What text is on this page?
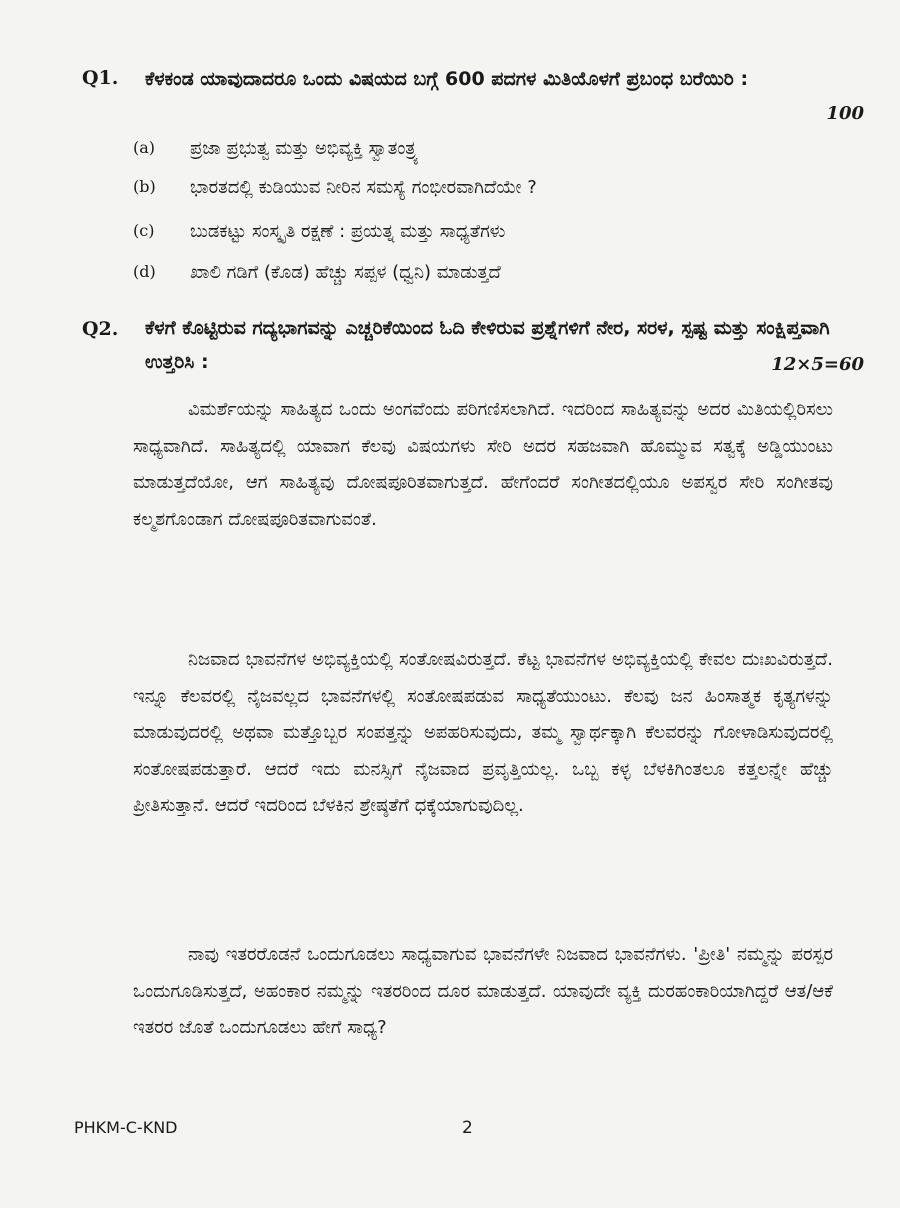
Q1. ಕೆಳಕಂಡ ಯಾವುದಾದರೂ ಒಂದು ವಿಷಯದ ಬಗ್ಗೆ 600 ಪದಗಳ ಮಿತಿಯೊಳಗೆ ಪ್ರಬಂಧ ಬರೆಯಿರಿ :
100
(a) ಪ್ರಜಾ ಪ್ರಭುತ್ವ ಮತ್ತು ಅಭಿವ್ಯಕ್ತಿ ಸ್ವಾತಂತ್ರ್ಯ
(b) ಭಾರತದಲ್ಲಿ ಕುಡಿಯುವ ನೀರಿನ ಸಮಸ್ಯೆ ಗಂಭೀರವಾಗಿದೆಯೇ ?
(c) ಬುಡಕಟ್ಟು ಸಂಸ್ಕೃತಿ ರಕ್ಷಣೆ : ಪ್ರಯತ್ನ ಮತ್ತು ಸಾಧ್ಯತೆಗಳು
(d) ಖಾಲಿ ಗಡಿಗೆ (ಕೊಡ) ಹೆಚ್ಚು ಸಪ್ಪಳ (ಧ್ವನಿ) ಮಾಡುತ್ತದೆ
Q2. ಕೆಳಗೆ ಕೊಟ್ಟಿರುವ ಗದ್ಯಭಾಗವನ್ನು ಎಚ್ಚರಿಕೆಯಿಂದ ಓದಿ ಕೇಳಿರುವ ಪ್ರಶ್ನೆಗಳಿಗೆ ನೇರ, ಸರಳ, ಸ್ಪಷ್ಟ ಮತ್ತು ಸಂಕ್ಷಿಪ್ತವಾಗಿ ಉತ್ತರಿಸಿ :	12×5=60

ವಿಮರ್ಶೆಯನ್ನು ಸಾಹಿತ್ಯದ ಒಂದು ಅಂಗವೆಂದು ಪರಿಗಣಿಸಲಾಗಿದೆ. ಇದರಿಂದ ಸಾಹಿತ್ಯವನ್ನು ಅದರ ಮಿತಿಯಲ್ಲಿರಿಸಲು ಸಾಧ್ಯವಾಗಿದೆ. ಸಾಹಿತ್ಯದಲ್ಲಿ ಯಾವಾಗ ಕೆಲವು ವಿಷಯಗಳು ಸೇರಿ ಅದರ ಸಹಜವಾಗಿ ಹೊಮ್ಮುವ ಸತ್ವಕ್ಕೆ ಅಡ್ಡಿಯುಂಟು ಮಾಡುತ್ತದೆಯೋ, ಆಗ ಸಾಹಿತ್ಯವು ದೋಷಪೂರಿತವಾಗುತ್ತದೆ. ಹೇಗೆಂದರೆ ಸಂಗೀತದಲ್ಲಿಯೂ ಅಪಸ್ವರ ಸೇರಿ ಸಂಗೀತವು ಕಲ್ಮಶಗೊಂಡಾಗ ದೋಷಪೂರಿತವಾಗುವಂತೆ.

ನಿಜವಾದ ಭಾವನೆಗಳ ಅಭಿವ್ಯಕ್ತಿಯಲ್ಲಿ ಸಂತೋಷವಿರುತ್ತದೆ. ಕೆಟ್ಟ ಭಾವನೆಗಳ ಅಭಿವ್ಯಕ್ತಿಯಲ್ಲಿ ಕೇವಲ ದುಃಖವಿರುತ್ತದೆ. ಇನ್ನೂ ಕೆಲವರಲ್ಲಿ ನೈಜವಲ್ಲದ ಭಾವನೆಗಳಲ್ಲಿ ಸಂತೋಷಪಡುವ ಸಾಧ್ಯತೆಯುಂಟು. ಕೆಲವು ಜನ ಹಿಂಸಾತ್ಮಕ ಕೃತ್ಯಗಳನ್ನು ಮಾಡುವುದರಲ್ಲಿ ಅಥವಾ ಮತ್ತೊಬ್ಬರ ಸಂಪತ್ತನ್ನು ಅಪಹರಿಸುವುದು, ತಮ್ಮ ಸ್ವಾರ್ಥಕ್ಕಾಗಿ ಕೆಲವರನ್ನು ಗೋಳಾಡಿಸುವುದರಲ್ಲಿ ಸಂತೋಷಪಡುತ್ತಾರೆ. ಆದರೆ ಇದು ಮನಸ್ಸಿಗೆ ನೈಜವಾದ ಪ್ರವೃತ್ತಿಯಲ್ಲ. ಒಬ್ಬ ಕಳ್ಳ ಬೆಳಕಿಗಿಂತಲೂ ಕತ್ತಲನ್ನೇ ಹೆಚ್ಚು ಪ್ರೀತಿಸುತ್ತಾನೆ. ಆದರೆ ಇದರಿಂದ ಬೆಳಕಿನ ಶ್ರೇಷ್ಠತೆಗೆ ಧಕ್ಕೆಯಾಗುವುದಿಲ್ಲ.

ನಾವು ಇತರರೊಡನೆ ಒಂದುಗೂಡಲು ಸಾಧ್ಯವಾಗುವ ಭಾವನೆಗಳೇ ನಿಜವಾದ ಭಾವನೆಗಳು. 'ಪ್ರೀತಿ' ನಮ್ಮನ್ನು ಪರಸ್ಪರ ಒಂದುಗೂಡಿಸುತ್ತದೆ, ಅಹಂಕಾರ ನಮ್ಮನ್ನು ಇತರರಿಂದ ದೂರ ಮಾಡುತ್ತದೆ. ಯಾವುದೇ ವ್ಯಕ್ತಿ ದುರಹಂಕಾರಿಯಾಗಿದ್ದರೆ ಆತ/ಆಕೆ ಇತರರ ಜೊತೆ ಒಂದುಗೂಡಲು ಹೇಗೆ ಸಾಧ್ಯ?

PHKM-C-KND	2
